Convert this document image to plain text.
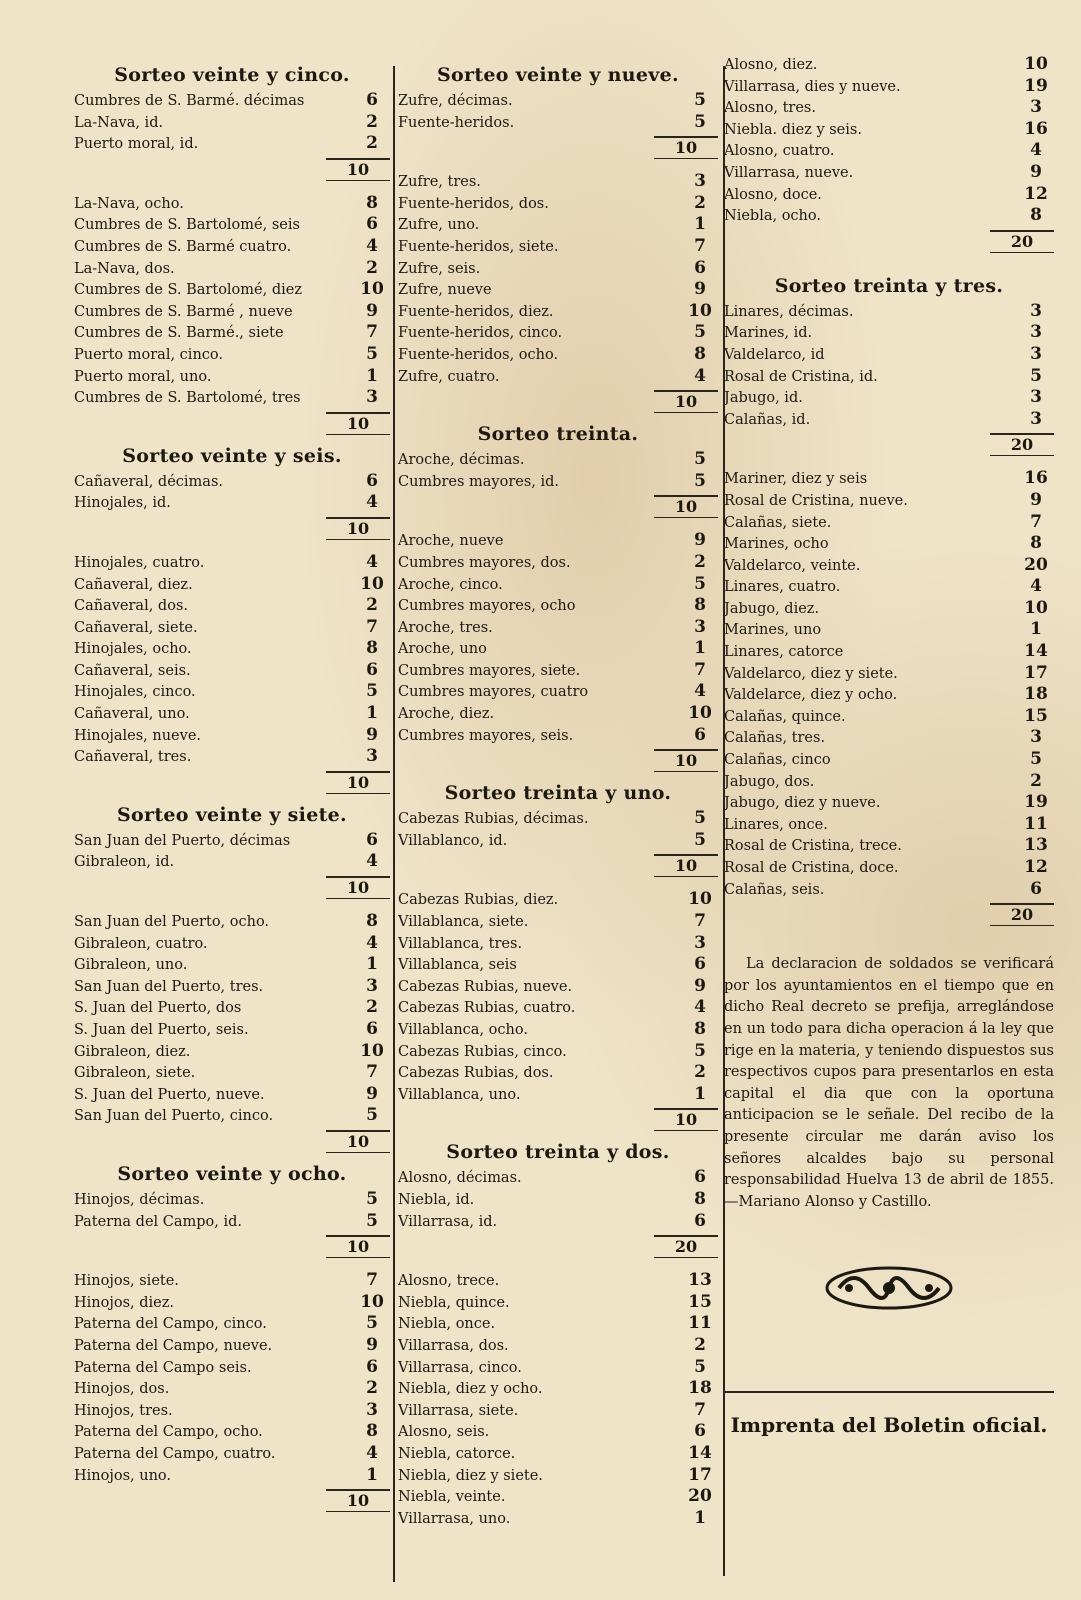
Sorteo veinte y cinco.
Cumbres de S. Barmé. décimas	6
La-Nava, id.	2
Puerto moral, id.	2
10
La-Nava, ocho.	8
Cumbres de S. Bartolomé, seis	6
Cumbres de S. Barmé cuatro.	4
La-Nava, dos.	2
Cumbres de S. Bartolomé, diez	10
Cumbres de S. Barmé , nueve	9
Cumbres de S. Barmé., siete	7
Puerto moral, cinco.	5
Puerto moral, uno.	1
Cumbres de S. Bartolomé, tres	3
10
Sorteo veinte y seis.
Cañaveral, décimas.	6
Hinojales, id.	4
10
Hinojales, cuatro.	4
Cañaveral, diez.	10
Cañaveral, dos.	2
Cañaveral, siete.	7
Hinojales, ocho.	8
Cañaveral, seis.	6
Hinojales, cinco.	5
Cañaveral, uno.	1
Hinojales, nueve.	9
Cañaveral, tres.	3
10
Sorteo veinte y siete.
San Juan del Puerto, décimas	6
Gibraleon, id.	4
10
San Juan del Puerto, ocho.	8
Gibraleon, cuatro.	4
Gibraleon, uno.	1
San Juan del Puerto, tres.	3
S. Juan del Puerto, dos	2
S. Juan del Puerto, seis.	6
Gibraleon, diez.	10
Gibraleon, siete.	7
S. Juan del Puerto, nueve.	9
San Juan del Puerto, cinco.	5
10
Sorteo veinte y ocho.
Hinojos, décimas.	5
Paterna del Campo, id.	5
10
Hinojos, siete.	7
Hinojos, diez.	10
Paterna del Campo, cinco.	5
Paterna del Campo, nueve.	9
Paterna del Campo seis.	6
Hinojos, dos.	2
Hinojos, tres.	3
Paterna del Campo, ocho.	8
Paterna del Campo, cuatro.	4
Hinojos, uno.	1
10
Sorteo veinte y nueve.
Zufre, décimas.	5
Fuente-heridos.	5
10
Zufre, tres.	3
Fuente-heridos, dos.	2
Zufre, uno.	1
Fuente-heridos, siete.	7
Zufre, seis.	6
Zufre, nueve	9
Fuente-heridos, diez.	10
Fuente-heridos, cinco.	5
Fuente-heridos, ocho.	8
Zufre, cuatro.	4
10
Sorteo treinta.
Aroche, décimas.	5
Cumbres mayores, id.	5
10
Aroche, nueve	9
Cumbres mayores, dos.	2
Aroche, cinco.	5
Cumbres mayores, ocho	8
Aroche, tres.	3
Aroche, uno	1
Cumbres mayores, siete.	7
Cumbres mayores, cuatro	4
Aroche, diez.	10
Cumbres mayores, seis.	6
10
Sorteo treinta y uno.
Cabezas Rubias, décimas.	5
Villablanco, id.	5
10
Cabezas Rubias, diez.	10
Villablanca, siete.	7
Villablanca, tres.	3
Villablanca, seis	6
Cabezas Rubias, nueve.	9
Cabezas Rubias, cuatro.	4
Villablanca, ocho.	8
Cabezas Rubias, cinco.	5
Cabezas Rubias, dos.	2
Villablanca, uno.	1
10
Sorteo treinta y dos.
Alosno, décimas.	6
Niebla, id.	8
Villarrasa, id.	6
20
Alosno, trece.	13
Niebla, quince.	15
Niebla, once.	11
Villarrasa, dos.	2
Villarrasa, cinco.	5
Niebla, diez y ocho.	18
Villarrasa, siete.	7
Alosno, seis.	6
Niebla, catorce.	14
Niebla, diez y siete.	17
Niebla, veinte.	20
Villarrasa, uno.	1
Alosno, diez.	10
Villarrasa, dies y nueve.	19
Alosno, tres.	3
Niebla. diez y seis.	16
Alosno, cuatro.	4
Villarrasa, nueve.	9
Alosno, doce.	12
Niebla, ocho.	8
20
Sorteo treinta y tres.
Linares, décimas.	3
Marines, id.	3
Valdelarco, id	3
Rosal de Cristina, id.	5
Jabugo, id.	3
Calañas, id.	3
20
Mariner, diez y seis	16
Rosal de Cristina, nueve.	9
Calañas, siete.	7
Marines, ocho	8
Valdelarco, veinte.	20
Linares, cuatro.	4
Jabugo, diez.	10
Marines, uno	1
Linares, catorce	14
Valdelarco, diez y siete.	17
Valdelarce, diez y ocho.	18
Calañas, quince.	15
Calañas, tres.	3
Calañas, cinco	5
Jabugo, dos.	2
Jabugo, diez y nueve.	19
Linares, once.	11
Rosal de Cristina, trece.	13
Rosal de Cristina, doce.	12
Calañas, seis.	6
20

La declaracion de soldados se verificará por los ayuntamientos en el tiempo que en dicho Real decreto se prefija, arreglándose en un todo para dicha operacion á la ley que rige en la materia, y teniendo dispuestos sus respectivos cupos para presentarlos en esta capital el dia que con la oportuna anticipacion se le señale. Del recibo de la presente circular me darán aviso los señores alcaldes bajo su personal responsabilidad Huelva 13 de abril de 1855.—Mariano Alonso y Castillo.

Imprenta del Boletin oficial.
